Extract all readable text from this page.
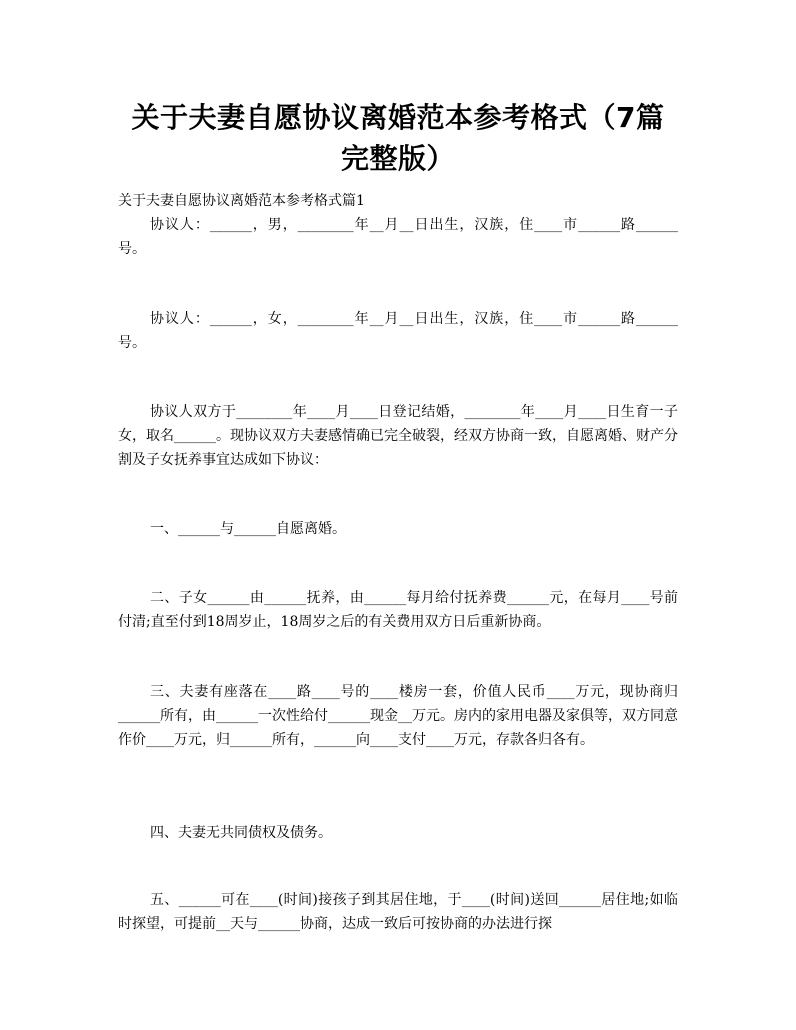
关于夫妻自愿协议离婚范本参考格式（7篇
完整版）
关于夫妻自愿协议离婚范本参考格式篇1

协议人：______，男，________年__月__日出生，汉族，住____市______路______号。

协议人：______，女，________年__月__日出生，汉族，住____市______路______号。

协议人双方于________年____月____日登记结婚，________年____月____日生育一子女，取名______。现协议双方夫妻感情确已完全破裂，经双方协商一致，自愿离婚、财产分割及子女抚养事宜达成如下协议：

一、______与______自愿离婚。

二、子女______由______抚养，由______每月给付抚养费______元，在每月____号前付清;直至付到18周岁止，18周岁之后的有关费用双方日后重新协商。

三、夫妻有座落在____路____号的____楼房一套，价值人民币____万元，现协商归______所有，由______一次性给付______现金__万元。房内的家用电器及家俱等，双方同意作价____万元，归______所有，______向____支付____万元，存款各归各有。

四、夫妻无共同债权及债务。

五、______可在____(时间)接孩子到其居住地，于____(时间)送回______居住地;如临时探望，可提前__天与______协商，达成一致后可按协商的办法进行探
